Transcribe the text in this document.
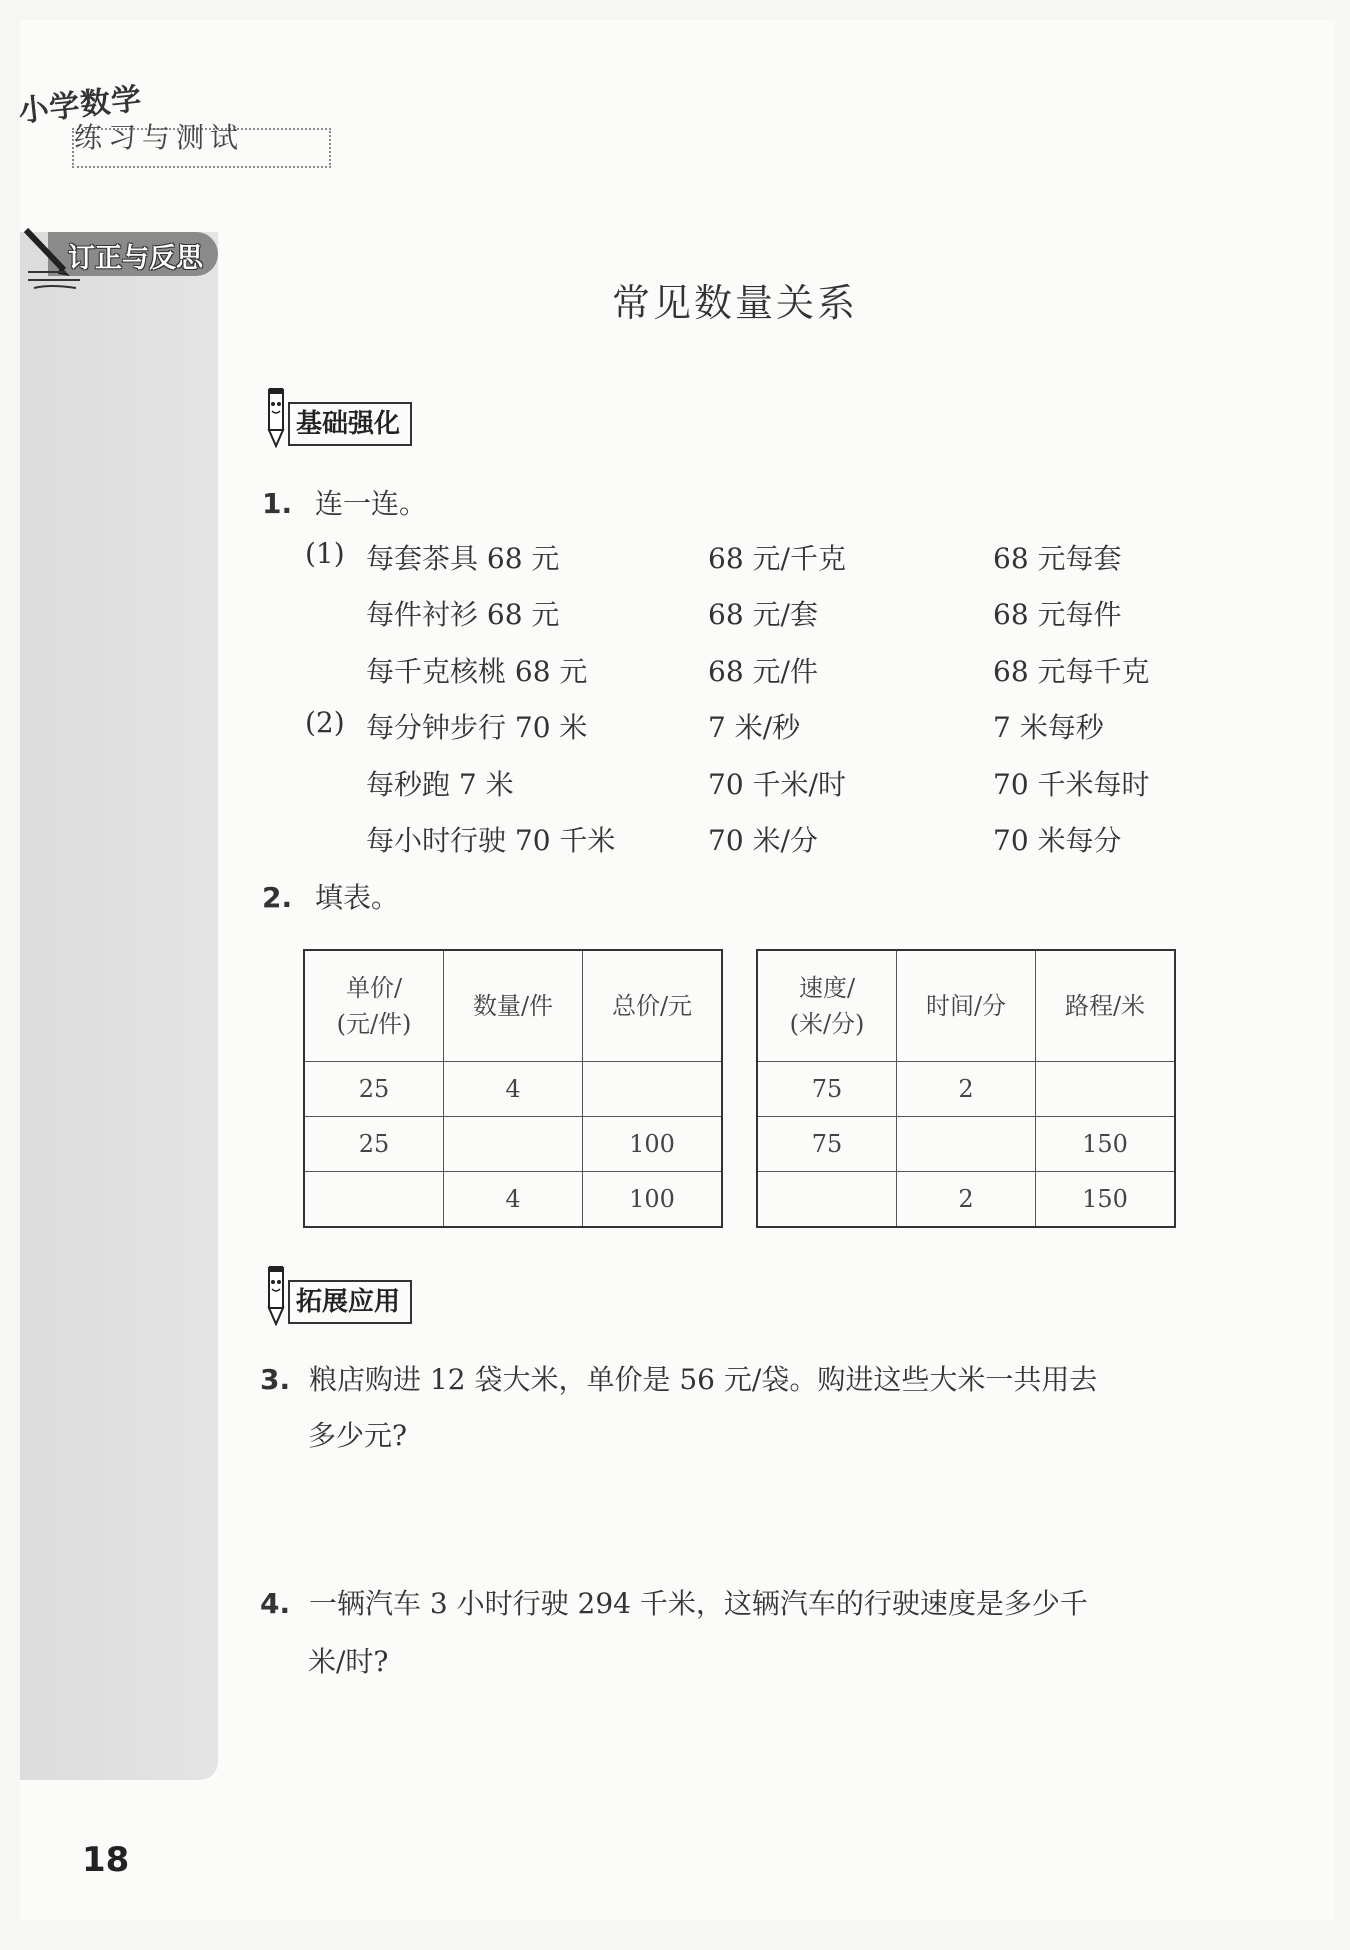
小学数学
练习与测试
订正与反思
常见数量关系
基础强化
1. 连一连。
(1) 每套茶具 68 元	68 元/千克	68 元每套
每件衬衫 68 元	68 元/套	68 元每件
每千克核桃 68 元	68 元/件	68 元每千克
(2) 每分钟步行 70 米	7 米/秒	7 米每秒
每秒跑 7 米	70 千米/时	70 千米每时
每小时行驶 70 千米	70 米/分	70 米每分
2. 填表。
单价/
(元/件)	数量/件	总价/元
25	4	
25		100
	4	100
速度/
(米/分)	时间/分	路程/米
75	2	
75		150
	2	150
拓展应用
3. 粮店购进 12 袋大米，单价是 56 元/袋。购进这些大米一共用去
多少元?
4. 一辆汽车 3 小时行驶 294 千米，这辆汽车的行驶速度是多少千
米/时?
18
